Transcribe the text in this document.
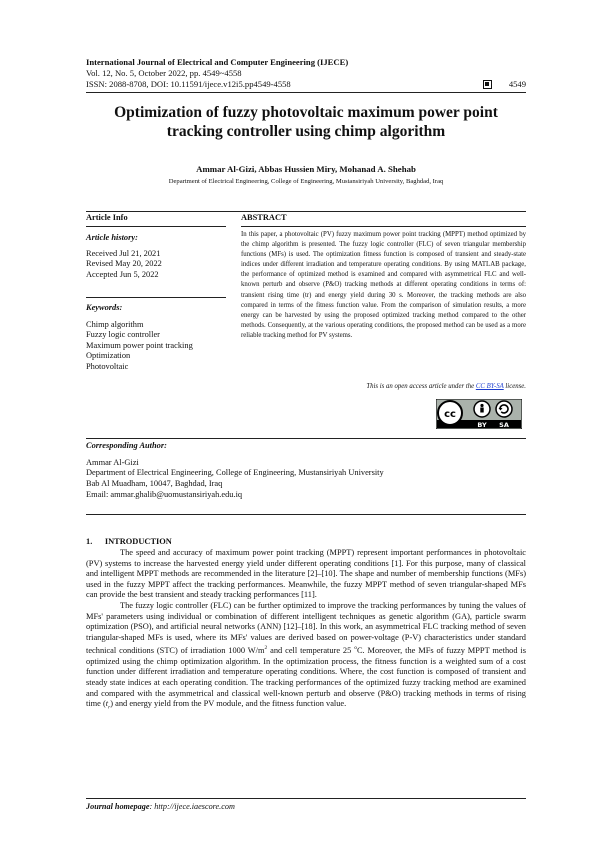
International Journal of Electrical and Computer Engineering (IJECE)
Vol. 12, No. 5, October 2022, pp. 4549~4558
ISSN: 2088-8708, DOI: 10.11591/ijece.v12i5.pp4549-4558	4549
Optimization of fuzzy photovoltaic maximum power point tracking controller using chimp algorithm
Ammar Al-Gizi, Abbas Hussien Miry, Mohanad A. Shehab
Department of Electrical Engineering, College of Engineering, Mustansiriyah University, Baghdad, Iraq
Article Info
Article history:
Received Jul 21, 2021
Revised May 20, 2022
Accepted Jun 5, 2022
Keywords:
Chimp algorithm
Fuzzy logic controller
Maximum power point tracking
Optimization
Photovoltaic
ABSTRACT
In this paper, a photovoltaic (PV) fuzzy maximum power point tracking (MPPT) method optimized by the chimp algorithm is presented. The fuzzy logic controller (FLC) of seven triangular membership functions (MFs) is used. The optimization fitness function is composed of transient and steady-state indices under different irradiation and temperature operating conditions. By using MATLAB package, the performance of optimized method is examined and compared with asymmetrical FLC and well-known perturb and observe (P&O) tracking methods at different operating conditions in terms of: transient rising time (tr) and energy yield during 30 s. Moreover, the tracking methods are also compared in terms of the fitness function value. From the comparison of simulation results, a more energy can be harvested by using the proposed optimized tracking method compared to the other methods. Consequently, at the various operating conditions, the proposed method can be used as a more reliable tracking method for PV systems.
This is an open access article under the CC BY-SA license.
cc
BY SA
Corresponding Author:
Ammar Al-Gizi
Department of Electrical Engineering, College of Engineering, Mustansiriyah University
Bab Al Muadham, 10047, Baghdad, Iraq
Email: ammar.ghalib@uomustansiriyah.edu.iq
1.      INTRODUCTION

The speed and accuracy of maximum power point tracking (MPPT) represent important performances in photovoltaic (PV) systems to increase the harvested energy yield under different operating conditions [1]. For this purpose, many of classical and intelligent MPPT methods are recommended in the literature [2]–[10]. The shape and number of membership functions (MFs) used in the fuzzy MPPT affect the tracking performances. Meanwhile, the fuzzy MPPT method of seven triangular-shaped MFs can provide the best transient and steady tracking performances [11].

The fuzzy logic controller (FLC) can be further optimized to improve the tracking performances by tuning the values of MFs' parameters using individual or combination of different intelligent techniques as genetic algorithm (GA), particle swarm optimization (PSO), and artificial neural networks (ANN) [12]–[18]. In this work, an asymmetrical FLC tracking method of seven triangular-shaped MFs is used, where its MFs' values are derived based on power-voltage (P-V) characteristics under standard technical conditions (STC) of irradiation 1000 $W/m^2$ and cell temperature 25 $^o$C. Moreover, the MFs of fuzzy MPPT method is optimized using the chimp optimization algorithm. In the optimization process, the fitness function is a weighted sum of a cost function under different irradiation and temperature operating conditions. Where, the cost function is composed of transient and steady state indices at each operating condition. The tracking performances of the optimized fuzzy tracking method are examined and compared with the asymmetrical and classical well-known perturb and observe (P&O) tracking methods in terms of rising time $(t_r)$ and energy yield from the PV module, and the fitness function value.

Journal homepage: http://ijece.iaescore.com
